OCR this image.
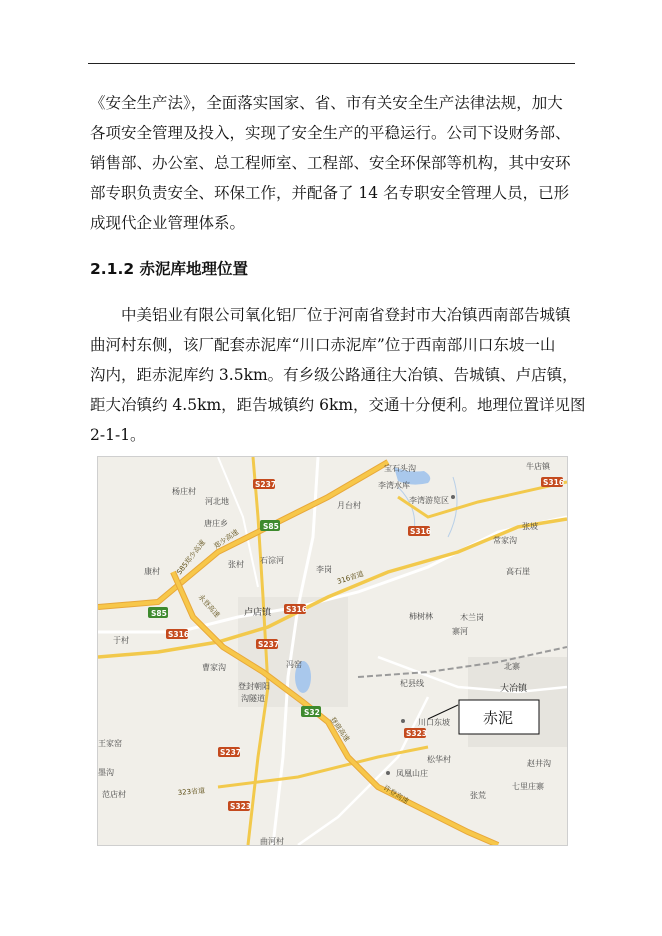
《安全生产法》，全面落实国家、省、市有关安全生产法律法规，加大
各项安全管理及投入，实现了安全生产的平稳运行。公司下设财务部、
销售部、办公室、总工程师室、工程部、安全环保部等机构，其中安环
部专职负责安全、环保工作，并配备了 14 名专职安全管理人员，已形
成现代企业管理体系。
2.1.2 赤泥库地理位置
中美铝业有限公司氧化铝厂位于河南省登封市大冶镇西南部告城镇
曲河村东侧，该厂配套赤泥库“川口赤泥库”位于西南部川口东坡一山
沟内，距赤泥库约 3.5km。有乡级公路通往大冶镇、告城镇、卢店镇，
距大冶镇约 4.5km，距告城镇约 6km，交通十分便利。地理位置详见图
2-1-1。
S85
S85
S32
S237
S237
S237
S316
S316
S316
S316
S323
S323
S85郑少高速 郑少高速
316省道
登商高速
许登高速
323省道
永登高速
宝石头沟
李湾水库
牛店镇
杨庄村
河北地	月台村
李湾游览区
唐庄乡	张坡
常家沟
康村
张村 石淙河
李岗	高石崖
卢店镇
于村
柿树林	木兰岗
寨河
曹家沟	冯窑
登封朝阳
沟隧道
杞县线
北寨
大冶镇
川口东坡
王家窑
松华村	赵井沟
凤凰山庄
七里庄寨
墨沟
范店村	张荒
曲河村
赤泥
